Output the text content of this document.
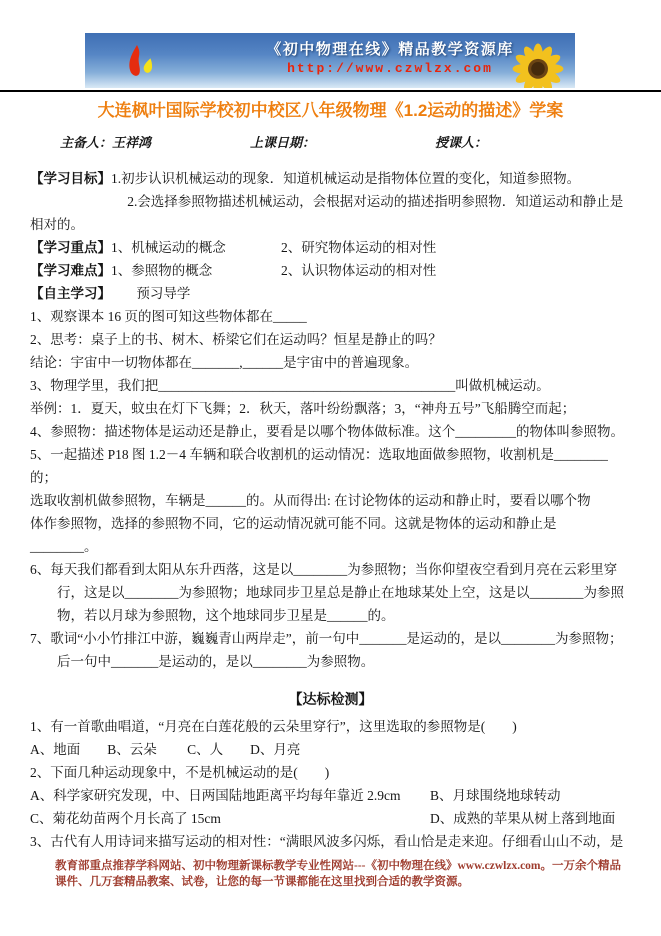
《初中物理在线》精品教学资源库
http://www.czwlzx.com
大连枫叶国际学校初中校区八年级物理《1.2运动的描述》学案
主备人：王祥鸿	上课日期：	授课人：

【学习目标】1.初步认识机械运动的现象．知道机械运动是指物体位置的变化，知道参照物。

2.会选择参照物描述机械运动，会根据对运动的描述指明参照物．知道运动和静止是相对的。

【学习重点】 1、机械运动的概念	2、研究物体运动的相对性
【学习难点】 1、参照物的概念	2、认识物体运动的相对性
【自主学习】 预习导学

1、观察课本 16 页的图可知这些物体都在_____

2、思考：桌子上的书、树木、桥梁它们在运动吗？恒星是静止的吗？

结论：宇宙中一切物体都在_______,______是宇宙中的普遍现象。

3、物理学里，我们把____________________________________________叫做机械运动。

举例：1．夏天，蚊虫在灯下飞舞；2．秋天，落叶纷纷飘落；3，“神舟五号”飞船腾空而起；

4、参照物：描述物体是运动还是静止，要看是以哪个物体做标准。这个_________的物体叫参照物。

5、一起描述 P18 图 1.2－4 车辆和联合收割机的运动情况：选取地面做参照物，收割机是________的；

选取收割机做参照物，车辆是______的。从而得出: 在讨论物体的运动和静止时，要看以哪个物体作参照物，选择的参照物不同，它的运动情况就可能不同。这就是物体的运动和静止是________。

6、每天我们都看到太阳从东升西落，这是以________为参照物；当你仰望夜空看到月亮在云彩里穿行，这是以________为参照物；地球同步卫星总是静止在地球某处上空，这是以________为参照物，若以月球为参照物，这个地球同步卫星是______的。

7、歌词“小小竹排江中游，巍巍青山两岸走”，前一句中_______是运动的，是以________为参照物；后一句中_______是运动的，是以________为参照物。

【达标检测】

1、有一首歌曲唱道，“月亮在白莲花般的云朵里穿行”，这里选取的参照物是(　　)

A、地面　　B、云朵　 　C、人　　D、月亮

2、下面几种运动现象中，不是机械运动的是(　　)

A、科学家研究发现，中、日两国陆地距离平均每年靠近 2.9cm	B、月球围绕地球转动
C、菊花幼苗两个月长高了 15cm	D、成熟的苹果从树上落到地面

3、古代有人用诗词来描写运动的相对性：“满眼风波多闪烁，看山恰是走来迎。仔细看山山不动，是

教育部重点推荐学科网站、初中物理新课标教学专业性网站---《初中物理在线》www.czwlzx.com。一万余个精品课件、几万套精品教案、试卷，让您的每一节课都能在这里找到合适的教学资源。
